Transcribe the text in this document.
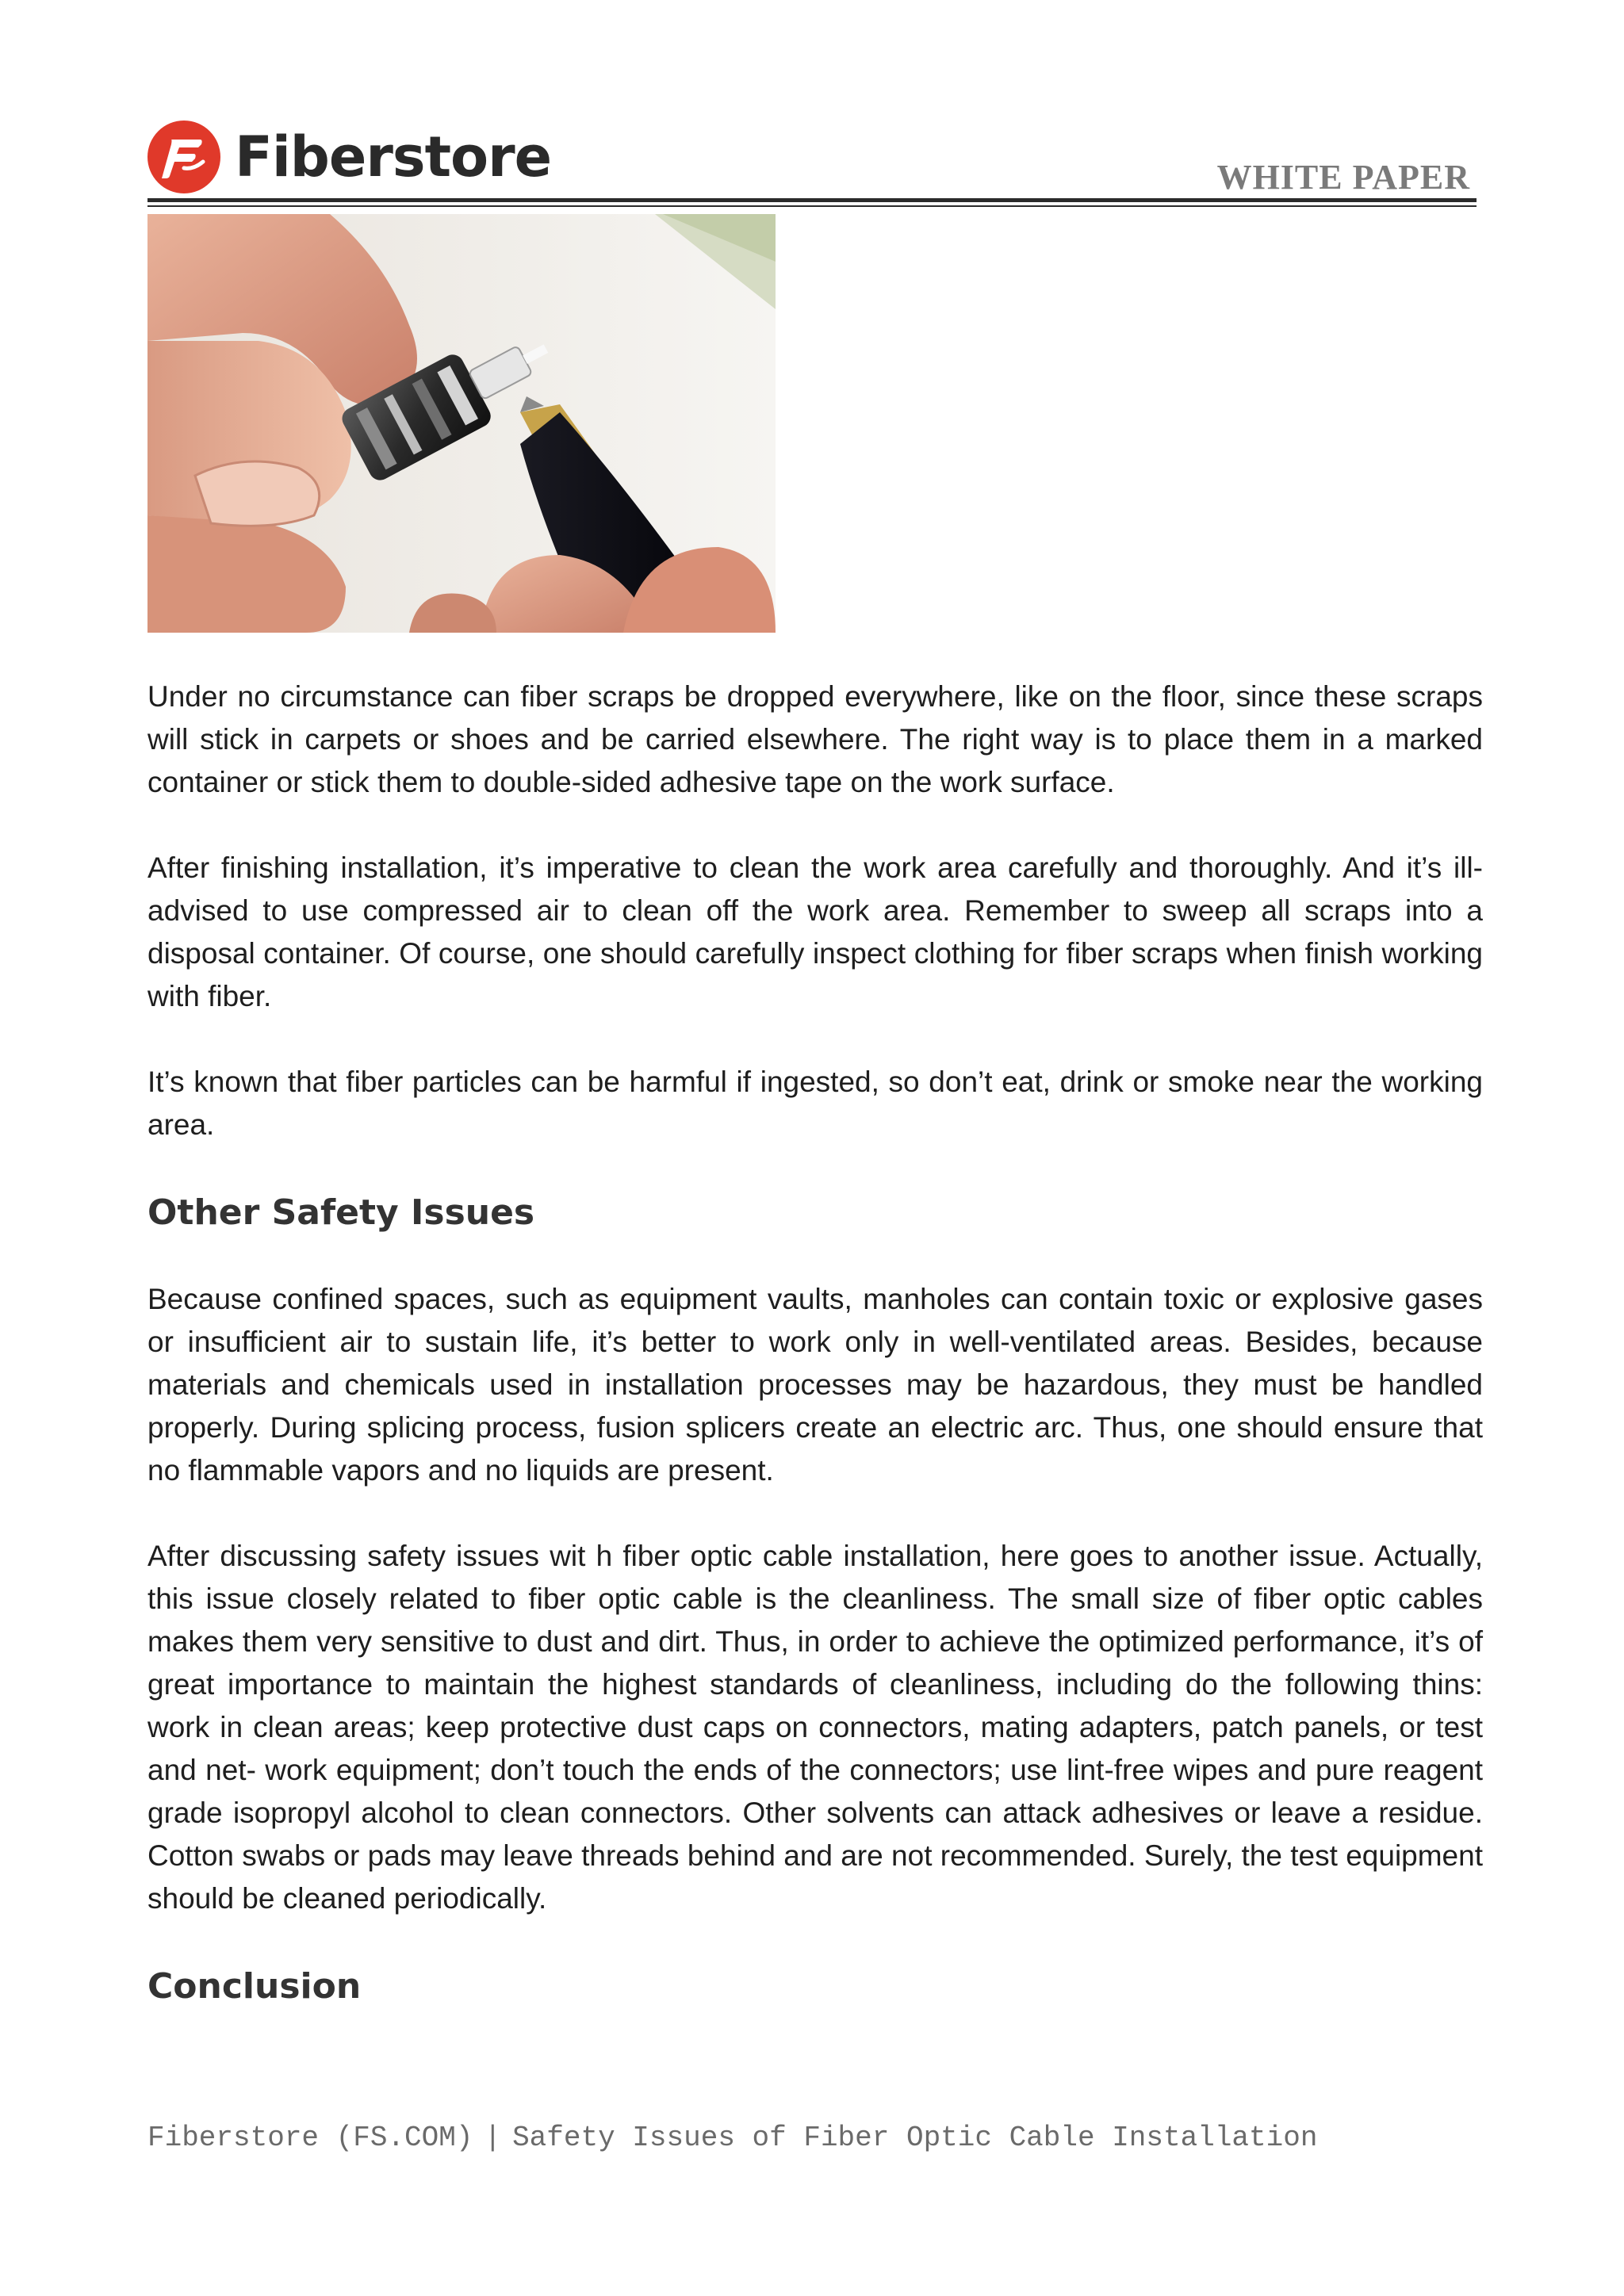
Fiberstore	WHITE PAPER

Under no circumstance can fiber scraps be dropped everywhere, like on the floor, since these scraps will stick in carpets or shoes and be carried elsewhere. The right way is to place them in a marked container or stick them to double-sided adhesive tape on the work surface.

After finishing installation, it’s imperative to clean the work area carefully and thoroughly. And it’s ill-advised to use compressed air to clean off the work area. Remember to sweep all scraps into a disposal container. Of course, one should carefully inspect clothing for fiber scraps when finish working with fiber.

It’s known that fiber particles can be harmful if ingested, so don’t eat, drink or smoke near the working area.

Other Safety Issues

Because confined spaces, such as equipment vaults, manholes can contain toxic or explosive gases or insufficient air to sustain life, it’s better to work only in well-ventilated areas. Besides, because materials and chemicals used in installation processes may be hazardous, they must be handled properly. During splicing process, fusion splicers create an electric arc. Thus, one should ensure that no flammable vapors and no liquids are present.

After discussing safety issues wit h fiber optic cable installation, here goes to another issue. Actually, this issue closely related to fiber optic cable is the cleanliness. The small size of fiber optic cables makes them very sensitive to dust and dirt. Thus, in order to achieve the optimized performance, it’s of great importance to maintain the highest standards of cleanliness, including do the following thins: work in clean areas; keep protective dust caps on connectors, mating adapters, patch panels, or test and net- work equipment; don’t touch the ends of the connectors; use lint-free wipes and pure reagent grade isopropyl alcohol to clean connectors. Other solvents can attack adhesives or leave a residue. Cotton swabs or pads may leave threads behind and are not recommended. Surely, the test equipment should be cleaned periodically.

Conclusion
Fiberstore (FS.COM) | Safety Issues of Fiber Optic Cable Installation
